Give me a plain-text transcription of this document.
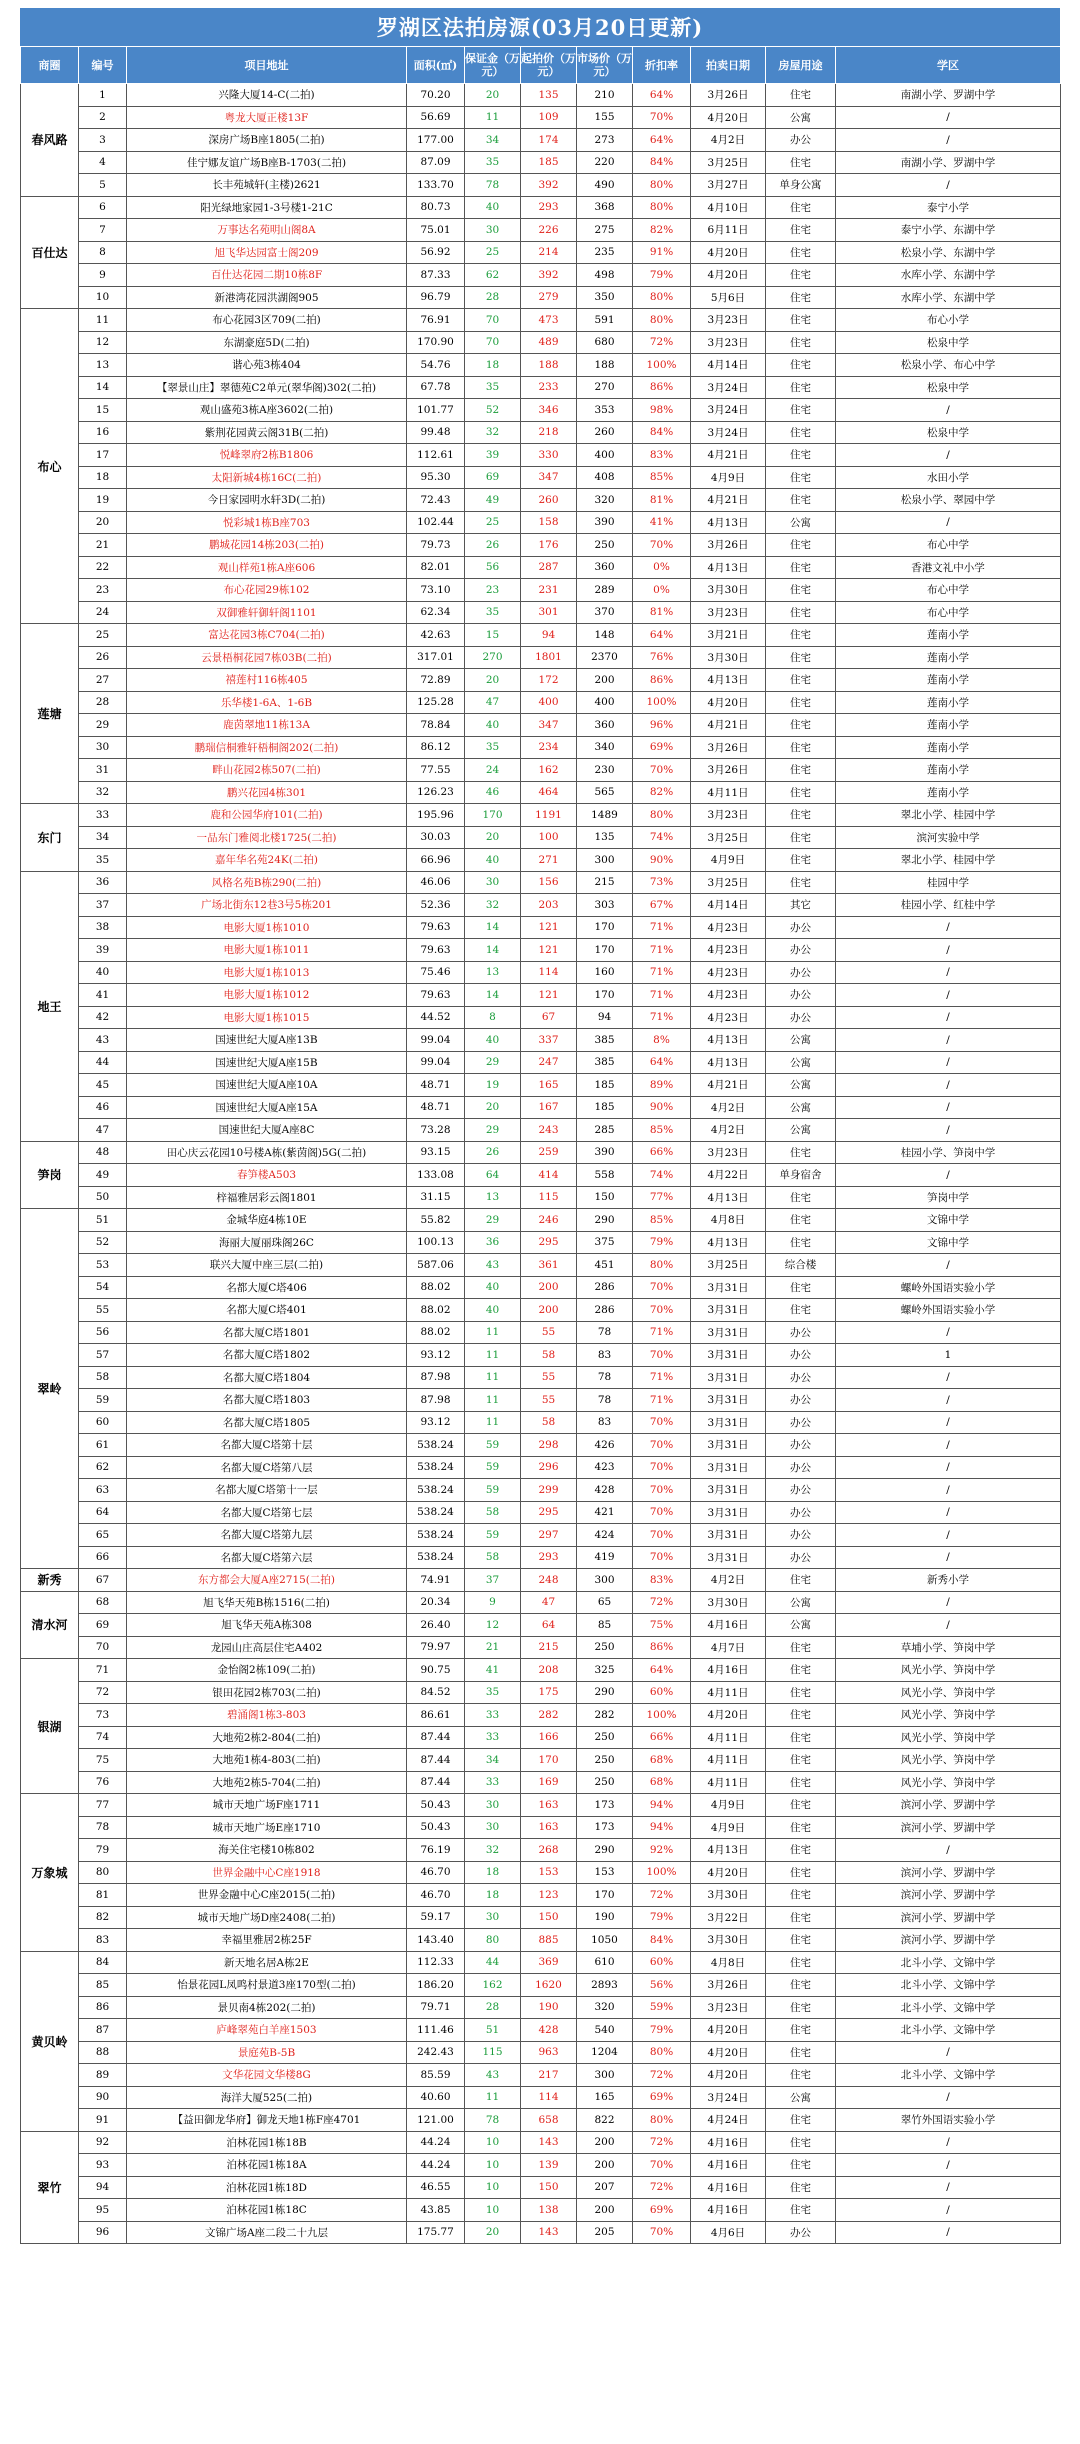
罗湖区法拍房源(03月20日更新)
商圈	编号	项目地址	面积(㎡)	保证金（万元）	起拍价（万元）	市场价（万元）	折扣率	拍卖日期	房屋用途	学区
春风路	1	兴隆大厦14-C(二拍)	70.20	20	135	210	64%	3月26日	住宅	南湖小学、罗湖中学
	2	粤龙大厦正楼13F	56.69	11	109	155	70%	4月20日	公寓	/
	3	深房广场B座1805(二拍)	177.00	34	174	273	64%	4月2日	办公	/
	4	佳宁娜友谊广场B座B-1703(二拍)	87.09	35	185	220	84%	3月25日	住宅	南湖小学、罗湖中学
	5	长丰苑城轩(主楼)2621	133.70	78	392	490	80%	3月27日	单身公寓	/
百仕达	6	阳光绿地家园1-3号楼1-21C	80.73	40	293	368	80%	4月10日	住宅	泰宁小学
	7	万事达名苑明山阁8A	75.01	30	226	275	82%	6月11日	住宅	泰宁小学、东湖中学
	8	旭飞华达园富士阁209	56.92	25	214	235	91%	4月20日	住宅	松泉小学、东湖中学
	9	百仕达花园二期10栋8F	87.33	62	392	498	79%	4月20日	住宅	水库小学、东湖中学
	10	新港湾花园洪湖阁905	96.79	28	279	350	80%	5月6日	住宅	水库小学、东湖中学
布心	11	布心花园3区709(二拍)	76.91	70	473	591	80%	3月23日	住宅	布心小学
	12	东湖豪庭5D(二拍)	170.90	70	489	680	72%	3月23日	住宅	松泉中学
	13	谐心苑3栋404	54.76	18	188	188	100%	4月14日	住宅	松泉小学、布心中学
	14	【翠景山庄】翠德苑C2单元(翠华阁)302(二拍)	67.78	35	233	270	86%	3月24日	住宅	松泉中学
	15	观山盛苑3栋A座3602(二拍)	101.77	52	346	353	98%	3月24日	住宅	/
	16	紫荆花园黄云阁31B(二拍)	99.48	32	218	260	84%	3月24日	住宅	松泉中学
	17	悦峰翠府2栋B1806	112.61	39	330	400	83%	4月21日	住宅	/
	18	太阳新城4栋16C(二拍)	95.30	69	347	408	85%	4月9日	住宅	水田小学
	19	今日家园明水轩3D(二拍)	72.43	49	260	320	81%	4月21日	住宅	松泉小学、翠园中学
	20	悦彩城1栋B座703	102.44	25	158	390	41%	4月13日	公寓	/
	21	鹏城花园14栋203(二拍)	79.73	26	176	250	70%	3月26日	住宅	布心中学
	22	观山样苑1栋A座606	82.01	56	287	360	0%	4月13日	住宅	香港文礼中小学
	23	布心花园29栋102	73.10	23	231	289	0%	3月30日	住宅	布心中学
	24	双御雅轩御轩阁1101	62.34	35	301	370	81%	3月23日	住宅	布心中学
莲塘	25	富达花园3栋C704(二拍)	42.63	15	94	148	64%	3月21日	住宅	莲南小学
	26	云景梧桐花园7栋03B(二拍)	317.01	270	1801	2370	76%	3月30日	住宅	莲南小学
	27	禧莲村116栋405	72.89	20	172	200	86%	4月13日	住宅	莲南小学
	28	乐华楼1-6A、1-6B	125.28	47	400	400	100%	4月20日	住宅	莲南小学
	29	鹿茵翠地11栋13A	78.84	40	347	360	96%	4月21日	住宅	莲南小学
	30	鹏瑞信桐雅轩梧桐阁202(二拍)	86.12	35	234	340	69%	3月26日	住宅	莲南小学
	31	畔山花园2栋507(二拍)	77.55	24	162	230	70%	3月26日	住宅	莲南小学
	32	鹏兴花园4栋301	126.23	46	464	565	82%	4月11日	住宅	莲南小学
东门	33	鹿和公园华府101(二拍)	195.96	170	1191	1489	80%	3月23日	住宅	翠北小学、桂园中学
	34	一品东门雅阅北楼1725(二拍)	30.03	20	100	135	74%	3月25日	住宅	滨河实验中学
	35	嘉年华名苑24K(二拍)	66.96	40	271	300	90%	4月9日	住宅	翠北小学、桂园中学
地王	36	风格名苑B栋290(二拍)	46.06	30	156	215	73%	3月25日	住宅	桂园中学
	37	广场北街东12巷3号5栋201	52.36	32	203	303	67%	4月14日	其它	桂园小学、红桂中学
	38	电影大厦1栋1010	79.63	14	121	170	71%	4月23日	办公	/
	39	电影大厦1栋1011	79.63	14	121	170	71%	4月23日	办公	/
	40	电影大厦1栋1013	75.46	13	114	160	71%	4月23日	办公	/
	41	电影大厦1栋1012	79.63	14	121	170	71%	4月23日	办公	/
	42	电影大厦1栋1015	44.52	8	67	94	71%	4月23日	办公	/
	43	国速世纪大厦A座13B	99.04	40	337	385	8%	4月13日	公寓	/
	44	国速世纪大厦A座15B	99.04	29	247	385	64%	4月13日	公寓	/
	45	国速世纪大厦A座10A	48.71	19	165	185	89%	4月21日	公寓	/
	46	国速世纪大厦A座15A	48.71	20	167	185	90%	4月2日	公寓	/
	47	国速世纪大厦A座8C	73.28	29	243	285	85%	4月2日	公寓	/
笋岗	48	田心庆云花园10号楼A栋(紫茵阁)5G(二拍)	93.15	26	259	390	66%	3月23日	住宅	桂园小学、笋岗中学
	49	春笋楼A503	133.08	64	414	558	74%	4月22日	单身宿舍	/
	50	梓福雅居彩云阁1801	31.15	13	115	150	77%	4月13日	住宅	笋岗中学
翠岭	51	金城华庭4栋10E	55.82	29	246	290	85%	4月8日	住宅	文锦中学
	52	海丽大厦丽珠阁26C	100.13	36	295	375	79%	4月13日	住宅	文锦中学
	53	联兴大厦中座三层(二拍)	587.06	43	361	451	80%	3月25日	综合楼	/
	54	名都大厦C塔406	88.02	40	200	286	70%	3月31日	住宅	螺岭外国语实验小学
	55	名都大厦C塔401	88.02	40	200	286	70%	3月31日	住宅	螺岭外国语实验小学
	56	名都大厦C塔1801	88.02	11	55	78	71%	3月31日	办公	/
	57	名都大厦C塔1802	93.12	11	58	83	70%	3月31日	办公	1
	58	名都大厦C塔1804	87.98	11	55	78	71%	3月31日	办公	/
	59	名都大厦C塔1803	87.98	11	55	78	71%	3月31日	办公	/
	60	名都大厦C塔1805	93.12	11	58	83	70%	3月31日	办公	/
	61	名都大厦C塔第十层	538.24	59	298	426	70%	3月31日	办公	/
	62	名都大厦C塔第八层	538.24	59	296	423	70%	3月31日	办公	/
	63	名都大厦C塔第十一层	538.24	59	299	428	70%	3月31日	办公	/
	64	名都大厦C塔第七层	538.24	58	295	421	70%	3月31日	办公	/
	65	名都大厦C塔第九层	538.24	59	297	424	70%	3月31日	办公	/
	66	名都大厦C塔第六层	538.24	58	293	419	70%	3月31日	办公	/
新秀	67	东方都会大厦A座2715(二拍)	74.91	37	248	300	83%	4月2日	住宅	新秀小学
清水河	68	旭飞华天苑B栋1516(二拍)	20.34	9	47	65	72%	3月30日	公寓	/
	69	旭飞华天苑A栋308	26.40	12	64	85	75%	4月16日	公寓	/
	70	龙园山庄高层住宅A402	79.97	21	215	250	86%	4月7日	住宅	草埔小学、笋岗中学
银湖	71	金怡阁2栋109(二拍)	90.75	41	208	325	64%	4月16日	住宅	风光小学、笋岗中学
	72	银田花园2栋703(二拍)	84.52	35	175	290	60%	4月11日	住宅	风光小学、笋岗中学
	73	碧涌阁1栋3-803	86.61	33	282	282	100%	4月20日	住宅	风光小学、笋岗中学
	74	大地苑2栋2-804(二拍)	87.44	33	166	250	66%	4月11日	住宅	风光小学、笋岗中学
	75	大地苑1栋4-803(二拍)	87.44	34	170	250	68%	4月11日	住宅	风光小学、笋岗中学
	76	大地苑2栋5-704(二拍)	87.44	33	169	250	68%	4月11日	住宅	风光小学、笋岗中学
万象城	77	城市天地广场F座1711	50.43	30	163	173	94%	4月9日	住宅	滨河小学、罗湖中学
	78	城市天地广场E座1710	50.43	30	163	173	94%	4月9日	住宅	滨河小学、罗湖中学
	79	海关住宅楼10栋802	76.19	32	268	290	92%	4月13日	住宅	/
	80	世界金融中心C座1918	46.70	18	153	153	100%	4月20日	住宅	滨河小学、罗湖中学
	81	世界金融中心C座2015(二拍)	46.70	18	123	170	72%	3月30日	住宅	滨河小学、罗湖中学
	82	城市天地广场D座2408(二拍)	59.17	30	150	190	79%	3月22日	住宅	滨河小学、罗湖中学
	83	幸福里雅居2栋25F	143.40	80	885	1050	84%	3月30日	住宅	滨河小学、罗湖中学
黄贝岭	84	新天地名居A栋2E	112.33	44	369	610	60%	4月8日	住宅	北斗小学、文锦中学
	85	怡景花园L凤鸣村景道3座170型(二拍)	186.20	162	1620	2893	56%	3月26日	住宅	北斗小学、文锦中学
	86	景贝南4栋202(二拍)	79.71	28	190	320	59%	3月23日	住宅	北斗小学、文锦中学
	87	庐峰翠苑白羊座1503	111.46	51	428	540	79%	4月20日	住宅	北斗小学、文锦中学
	88	景庭苑B-5B	242.43	115	963	1204	80%	4月20日	住宅	/
	89	文华花园文华楼8G	85.59	43	217	300	72%	4月20日	住宅	北斗小学、文锦中学
	90	海洋大厦525(二拍)	40.60	11	114	165	69%	3月24日	公寓	/
	91	【益田御龙华府】御龙天地1栋F座4701	121.00	78	658	822	80%	4月24日	住宅	翠竹外国语实验小学
翠竹	92	泊林花园1栋18B	44.24	10	143	200	72%	4月16日	住宅	/
	93	泊林花园1栋18A	44.24	10	139	200	70%	4月16日	住宅	/
	94	泊林花园1栋18D	46.55	10	150	207	72%	4月16日	住宅	/
	95	泊林花园1栋18C	43.85	10	138	200	69%	4月16日	住宅	/
	96	文锦广场A座二段二十九层	175.77	20	143	205	70%	4月6日	办公	/
